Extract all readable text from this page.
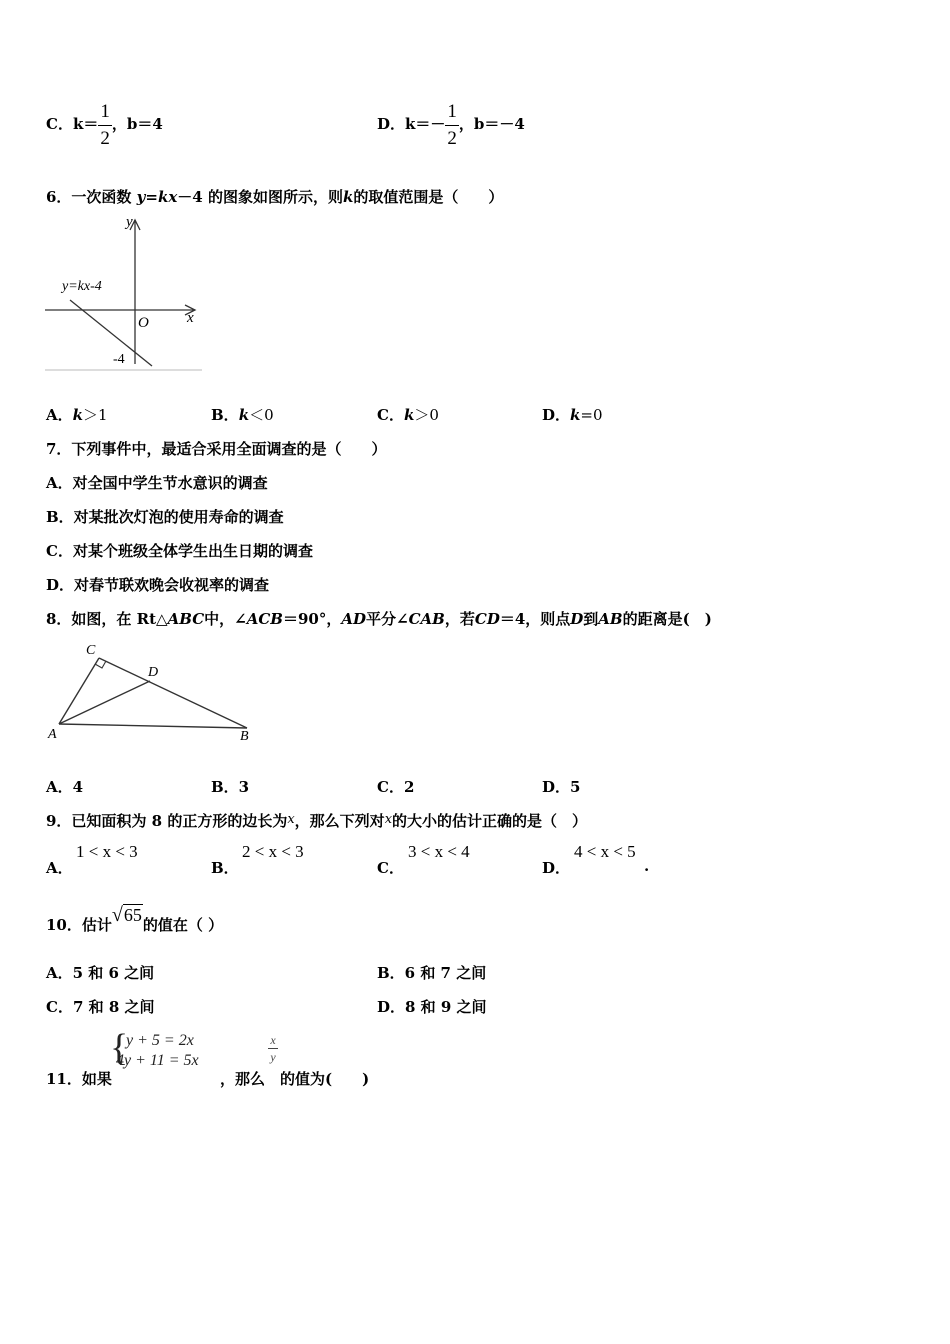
C．$k= \frac{1}{2}$ ，b＝4	D．$k=- \frac{1}{2}$ ，b＝－4
6．一次函数 y=kx－4 的图象如图所示，则k的取值范围是（　　）
y
x
O
y=kx-4
-4
A．k＞1	B．k＜0	C．k＞0	D．k=0
7．下列事件中，最适合采用全面调查的是（　　）
A．对全国中学生节水意识的调查
B．对某批次灯泡的使用寿命的调查
C．对某个班级全体学生出生日期的调查
D．对春节联欢晚会收视率的调查
8．如图，在 Rt△ABC中，∠ACB＝90°，AD平分∠CAB，若CD＝4，则点D到AB的距离是(　)
C
D
A	B
A．4	B．3	C．2	D．5
9．已知面积为 8 的正方形的边长为x，那么下列对x的大小的估计正确的是（　）
A．
1 < x < 3
B．
2 < x < 3
C．
3 < x < 4
D．
4 < x < 5
.
10．估计√65的值在（ ）
A．5 和 6 之间	B．6 和 7 之间
C．7 和 8 之间	D．8 和 9 之间
11．如果
{
y + 5 = 2x
4y + 11 = 5x
，那么
x
y
的值为(　　)
